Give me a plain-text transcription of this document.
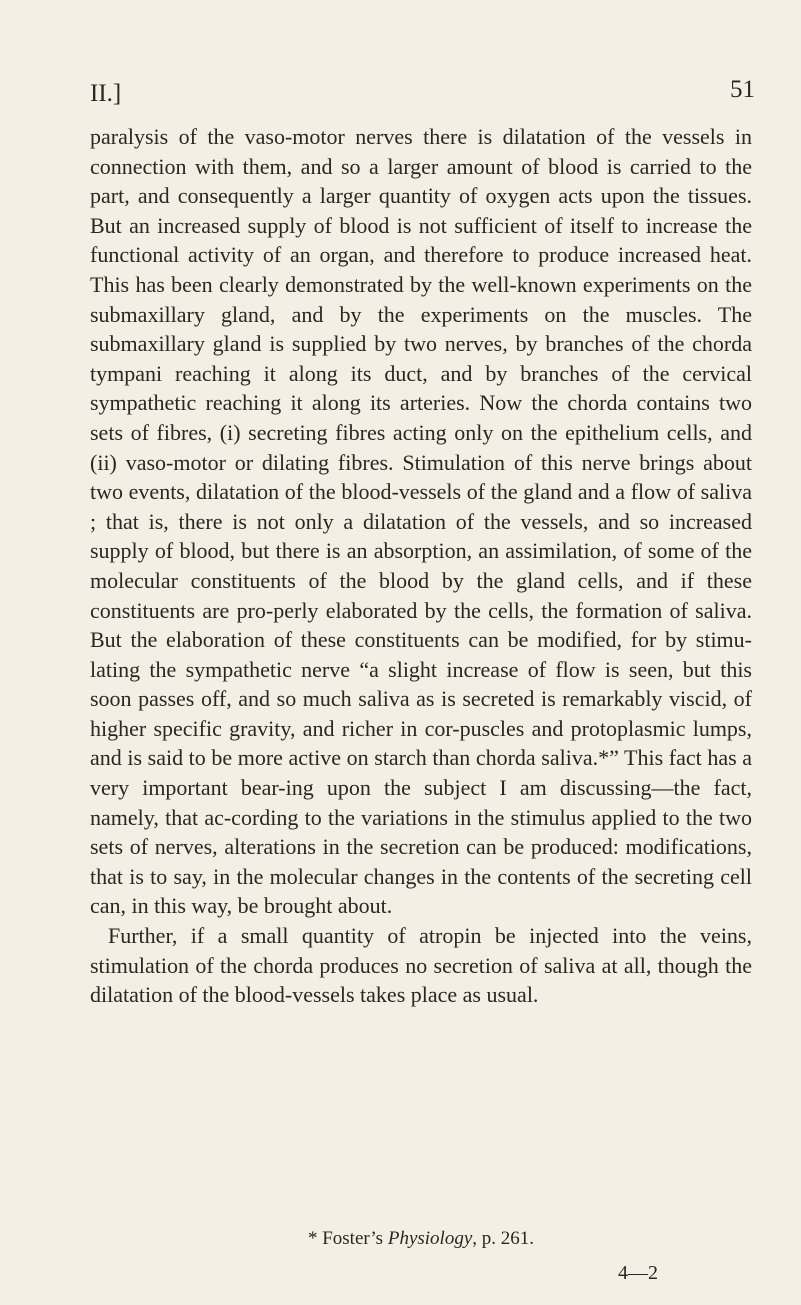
II.]	51

paralysis of the vaso-motor nerves there is dilatation of the vessels in connection with them, and so a larger amount of blood is carried to the part, and consequently a larger quantity of oxygen acts upon the tissues. But an increased supply of blood is not sufficient of itself to increase the functional activity of an organ, and therefore to produce increased heat. This has been clearly demonstrated by the well-known experiments on the submaxillary gland, and by the experiments on the muscles. The submaxillary gland is supplied by two nerves, by branches of the chorda tympani reaching it along its duct, and by branches of the cervical sympathetic reaching it along its arteries. Now the chorda contains two sets of fibres, (i) secreting fibres acting only on the epithelium cells, and (ii) vaso-motor or dilating fibres. Stimulation of this nerve brings about two events, dilatation of the blood-vessels of the gland and a flow of saliva ; that is, there is not only a dilatation of the vessels, and so increased supply of blood, but there is an absorption, an assimilation, of some of the molecular constituents of the blood by the gland cells, and if these constituents are pro-perly elaborated by the cells, the formation of saliva. But the elaboration of these constituents can be modified, for by stimu-lating the sympathetic nerve “a slight increase of flow is seen, but this soon passes off, and so much saliva as is secreted is remarkably viscid, of higher specific gravity, and richer in cor-puscles and protoplasmic lumps, and is said to be more active on starch than chorda saliva.*” This fact has a very important bear-ing upon the subject I am discussing—the fact, namely, that ac-cording to the variations in the stimulus applied to the two sets of nerves, alterations in the secretion can be produced: modifications, that is to say, in the molecular changes in the contents of the secreting cell can, in this way, be brought about.

Further, if a small quantity of atropin be injected into the veins, stimulation of the chorda produces no secretion of saliva at all, though the dilatation of the blood-vessels takes place as usual.

* Foster’s Physiology, p. 261.
4—2
